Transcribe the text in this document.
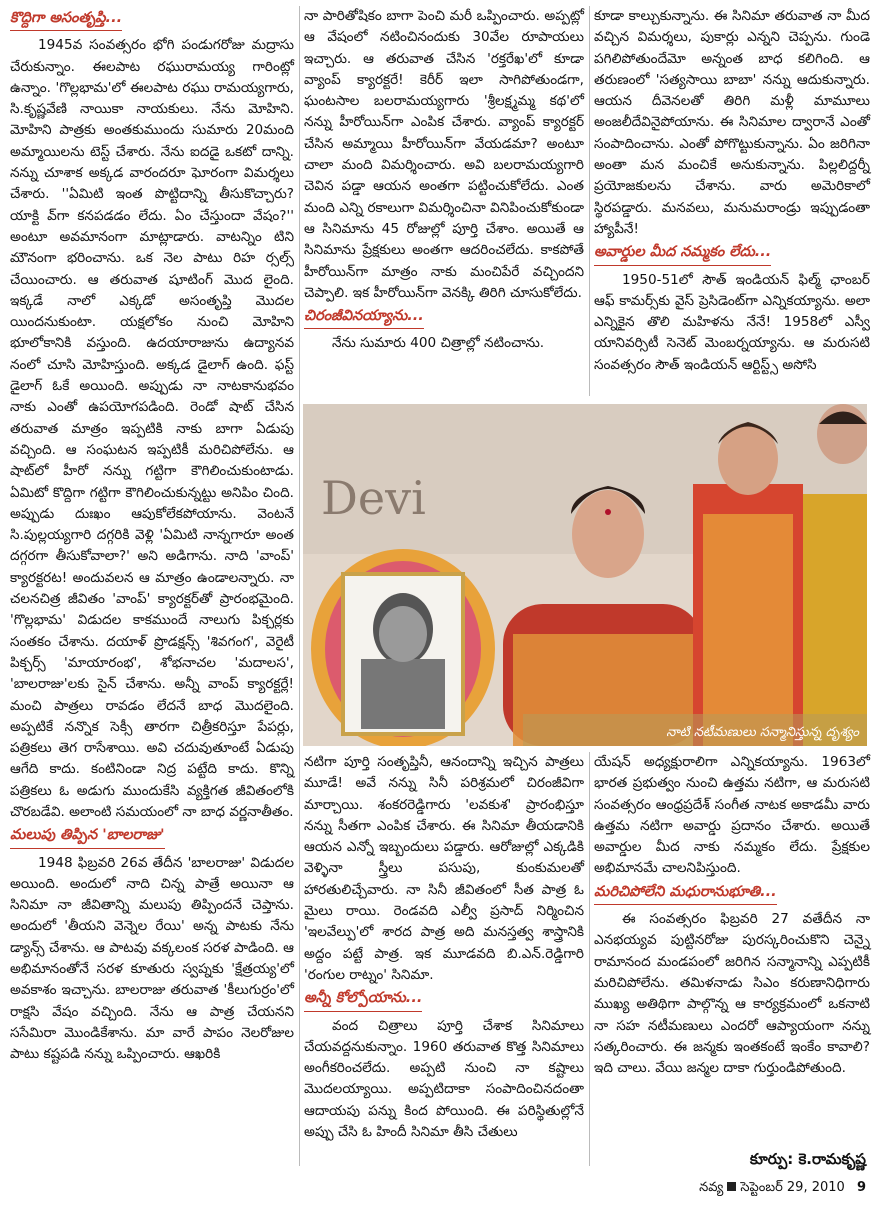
కొద్దిగా అసంతృప్తి...

1945వ సంవత్సరం భోగి పండుగరోజు మద్రాసు చేరుకున్నాం. ఈలపాట రఘురామయ్య గారింట్లో ఉన్నాం. 'గొల్లభామ'లో ఈలపాట రఘు రామయ్యగారు, సి.కృష్ణవేణి నాయికా నాయకులు. నేను మోహిని. మోహిని పాత్రకు అంతకుముందు సుమారు 20మంది అమ్మాయిలను టెస్ట్ చేశారు. నేను ఐదడై ఒకటో దాన్ని. నన్ను చూశాక అక్కడ వారందరూ ఘోరంగా విమర్శలు చేశారు. ''ఏమిటి ఇంత పొట్టిదాన్ని తీసుకొచ్చారు? యాక్టి వ్‌గా కనపడడం లేదు. ఏం చేస్తుందా వేషం?'' అంటూ అవమానంగా మాట్లాడారు. వాటన్నిం టిని మౌనంగా భరించాను. ఒక నెల పాటు రిహ ర్సల్స్ చేయించారు. ఆ తరువాత షూటింగ్ మొద లైంది. ఇక్కడే నాలో ఎక్కడో అసంతృప్తి మొదల యిందనుకుంటా. యక్షలోకం నుంచి మోహిని భూలోకానికి వస్తుంది. ఉదయారాజును ఉద్యానవ నంలో చూసి మోహిస్తుంది. అక్కడ డైలాగ్ ఉంది. ఫస్ట్ డైలాగ్ ఓకే అయింది. అప్పుడు నా నాటకానుభవం నాకు ఎంతో ఉపయోగపడింది. రెండో షాట్ చేసిన తరువాత మాత్రం ఇప్పటికి నాకు బాగా ఏడుపు వచ్చింది. ఆ సంఘటన ఇప్పటికీ మరిచిపోలేను. ఆ షాట్‌లో హీరో నన్ను గట్టిగా కౌగిలించుకుంటాడు. ఏమిటో కొద్దిగా గట్టిగా కౌగిలించుకున్నట్టు అనిపిం చింది. అప్పుడు దుఃఖం ఆపుకోలేకపోయాను. వెంటనే సి.పుల్లయ్యగారి దగ్గరికి వెళ్లి 'ఏమిటి నాన్నగారూ అంత దగ్గరగా తీసుకోవాలా?' అని అడిగాను. నాది 'వాంప్' క్యారక్టరట! అందువలన ఆ మాత్రం ఉండాలన్నారు. నా చలనచిత్ర జీవితం 'వాంప్' క్యారక్టర్‌తో ప్రారంభమైంది. 'గొల్లభామ' విడుదల కాకముందే నాలుగు పిక్చర్లకు సంతకం చేశాను. దయాళ్ ప్రొడక్షన్స్ 'శివగంగ', వెరైటీ పిక్చర్స్ 'మాయారంభ', శోభనాచల 'మదాలస', 'బాలరాజు'లకు సైన్ చేశాను. అన్నీ వాంప్ క్యారక్టర్లే! మంచి పాత్రలు రావడం లేదనే బాధ మొదలైంది. అప్పటికే నన్నొక సెక్సీ తారగా చిత్రీకరిస్తూ పేపర్లు, పత్రికలు తెగ రాసేశాయి. అవి చదువుతూంటే ఏడుపు ఆగేది కాదు. కంటినిండా నిద్ర పట్టేది కాదు. కొన్ని పత్రికలు ఓ అడుగు ముందుకేసి వ్యక్తిగత జీవితంలోకి చొరబడేవి. అలాంటి సమయంలో నా బాధ వర్ణనాతీతం.

మలుపు తిప్పిన 'బాలరాజు'

1948 ఫిబ్రవరి 26వ తేదీన 'బాలరాజు' విడుదల అయింది. అందులో నాది చిన్న పాత్రే అయినా ఆ సినిమా నా జీవితాన్ని మలుపు తిప్పిందనే చెప్తాను. అందులో 'తీయని వెన్నెల రేయి' అన్న పాటకు నేను డ్యాన్స్ చేశాను. ఆ పాటవు వక్కలంక సరళ పాడింది. ఆ అభిమానంతోనే సరళ కూతురు స్వప్నకు 'క్షేత్రయ్య'లో అవకాశం ఇచ్చాను. బాలరాజు తరువాత 'కీలుగుర్రం'లో రాక్షసి వేషం వచ్చింది. నేను ఆ పాత్ర చేయనని ససేమిరా మొండికేశాను. మా వారే పాపం నెలరోజుల పాటు కష్టపడి నన్ను ఒప్పించారు. ఆఖరికి

నా పారితోషికం బాగా పెంచి మరీ ఒప్పించారు. అప్పట్లో ఆ వేషంలో నటించినందుకు 30వేల రూపాయలు ఇచ్చారు. ఆ తరువాత చేసిన 'రక్తరేఖ'లో కూడా వ్యాంప్ క్యారక్టరే! కెరీర్ ఇలా సాగిపోతుండగా, ఘంటసాల బలరామయ్యగారు 'శ్రీలక్ష్మమ్మ కథ'లో నన్ను హీరోయిన్‌గా ఎంపిక చేశారు. వ్యాంప్ క్యారక్టర్ చేసిన అమ్మాయి హీరోయిన్‌గా వేయడమా? అంటూ చాలా మంది విమర్శించారు. అవి బలరామయ్యగారి చెవిన పడ్డా ఆయన అంతగా పట్టించుకోలేదు. ఎంత మంది ఎన్ని రకాలుగా విమర్శించినా వినిపించుకోకుండా ఆ సినిమాను 45 రోజుల్లో పూర్తి చేశాం. అయితే ఆ సినిమాను ప్రేక్షకులు అంతగా ఆదరించలేదు. కాకపోతే హీరోయిన్‌గా మాత్రం నాకు మంచిపేరే వచ్చిందని చెప్పాలి. ఇక హీరోయిన్‌గా వెనక్కి తిరిగి చూసుకోలేదు.

చిరంజీవినయ్యాను...

నేను సుమారు 400 చిత్రాల్లో నటించాను.

కూడా కాల్చుకున్నాను. ఈ సినిమా తరువాత నా మీద వచ్చిన విమర్శలు, పుకార్లు ఎన్నని చెప్పను. గుండె పగిలిపోతుందేమో అన్నంత బాధ కలిగింది. ఆ తరుణంలో 'సత్యసాయి బాబా' నన్ను ఆదుకున్నారు. ఆయన దీవెనలతో తిరిగి మళ్లీ మామూలు అంజలీదేవినైపోయాను. ఈ సినిమాల ద్వారానే ఎంతో సంపాదించాను. ఎంతో పోగొట్టుకున్నాను. ఏం జరిగినా అంతా మన మంచికే అనుకున్నాను. పిల్లలిద్దర్నీ ప్రయోజకులను చేశాను. వారు అమెరికాలో స్థిరపడ్డారు. మనవలు, మనుమరాండ్రు ఇప్పుడంతా హ్యాపీనే!

అవార్డుల మీద నమ్మకం లేదు...

1950-51లో సౌత్ ఇండియన్ ఫిల్మ్ ఛాంబర్ ఆఫ్ కామర్స్‌కు వైస్ ప్రెసిడెంట్‌గా ఎన్నికయ్యాను. అలా ఎన్నికైన తొలి మహిళను నేనే! 1958లో ఎస్వీ యానివర్సిటీ సెనెట్ మెంబర్నయ్యాను. ఆ మరుసటి సంవత్సరం సౌత్ ఇండియన్ ఆర్టిస్ట్స్ అసోసి

Devi
నాటి నటీమణులు సన్మానిస్తున్న దృశ్యం

నటిగా పూర్తి సంతృప్తినీ, ఆనందాన్ని ఇచ్చిన పాత్రలు మూడే! అవే నన్ను సినీ పరిశ్రమలో చిరంజీవిగా మార్చాయి. శంకరరెడ్డిగారు 'లవకుశ' ప్రారంభిస్తూ నన్ను సీతగా ఎంపిక చేశారు. ఈ సినిమా తీయడానికి ఆయన ఎన్నో ఇబ్బందులు పడ్డారు. ఆరోజుల్లో ఎక్కడికి వెళ్ళినా స్త్రీలు పసుపు, కుంకుమలతో హారతులిచ్చేవారు. నా సినీ జీవితంలో సీత పాత్ర ఓ మైలు రాయి. రెండవది ఎల్వీ ప్రసాద్ నిర్మించిన 'ఇలవేల్పు'లో శారద పాత్ర అది మనస్తత్వ శాస్త్రానికి అద్దం పట్టే పాత్ర. ఇక మూడవది బి.ఎన్.రెడ్డిగారి 'రంగుల రాట్నం' సినిమా.

అన్నీ కోల్పోయాను...

వంద చిత్రాలు పూర్తి చేశాక సినిమాలు చేయవద్దనుకున్నాం. 1960 తరువాత కొత్త సినిమాలు అంగీకరించలేదు. అప్పటి నుంచి నా కష్టాలు మొదలయ్యాయి. అప్పటిదాకా సంపాదించినదంతా ఆదాయపు పన్ను కింద పోయింది. ఈ పరిస్థితుల్లోనే అప్పు చేసి ఓ హిందీ సినిమా తీసి చేతులు

యేషన్ అధ్యక్షురాలిగా ఎన్నికయ్యాను. 1963లో భారత ప్రభుత్వం నుంచి ఉత్తమ నటిగా, ఆ మరుసటి సంవత్సరం ఆంధ్రప్రదేశ్ సంగీత నాటక అకాడమీ వారు ఉత్తమ నటిగా అవార్డు ప్రదానం చేశారు. అయితే అవార్డుల మీద నాకు నమ్మకం లేదు. ప్రేక్షకుల అభిమానమే చాలనిపిస్తుంది.

మరిచిపోలేని మధురానుభూతి...

ఈ సంవత్సరం ఫిబ్రవరి 27 వతేదీన నా ఎనభయ్యవ పుట్టినరోజు పురస్కరించుకొని చెన్నై రామానంద మండపంలో జరిగిన సన్మానాన్ని ఎప్పటికీ మరిచిపోలేను. తమిళనాడు సిఎం కరుణానిధిగారు ముఖ్య అతిథిగా పాల్గొన్న ఆ కార్యక్రమంలో ఒకనాటి నా సహ నటీమణులు ఎందరో ఆప్యాయంగా నన్ను సత్కరించారు. ఈ జన్మకు ఇంతకంటే ఇంకేం కావాలి? ఇది చాలు. వేయి జన్మల దాకా గుర్తుండిపోతుంది.

కూర్పు: కె.రామకృష్ణ
నవ్య సెప్టెంబర్ 29, 2010 9
